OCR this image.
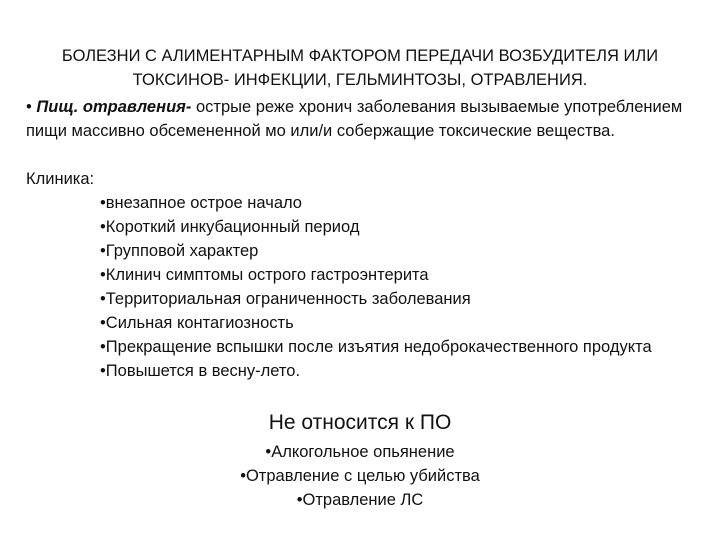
БОЛЕЗНИ С АЛИМЕНТАРНЫМ ФАКТОРОМ ПЕРЕДАЧИ ВОЗБУДИТЕЛЯ ИЛИ
ТОКСИНОВ- ИНФЕКЦИИ, ГЕЛЬМИНТОЗЫ, ОТРАВЛЕНИЯ.
• Пищ. отравления- острые реже хронич заболевания вызываемые употреблением пищи массивно обсемененной мо или/и собержащие токсические вещества.
Клиника:
• внезапное острое начало
• Короткий инкубационный период
• Групповой характер
• Клинич симптомы острого гастроэнтерита
• Территориальная ограниченность заболевания
• Сильная контагиозность
• Прекращение вспышки после изъятия недоброкачественного продукта
• Повышется в весну-лето.
Не относится к ПО
• Алкогольное опьянение
• Отравление с целью убийства
• Отравление ЛС
